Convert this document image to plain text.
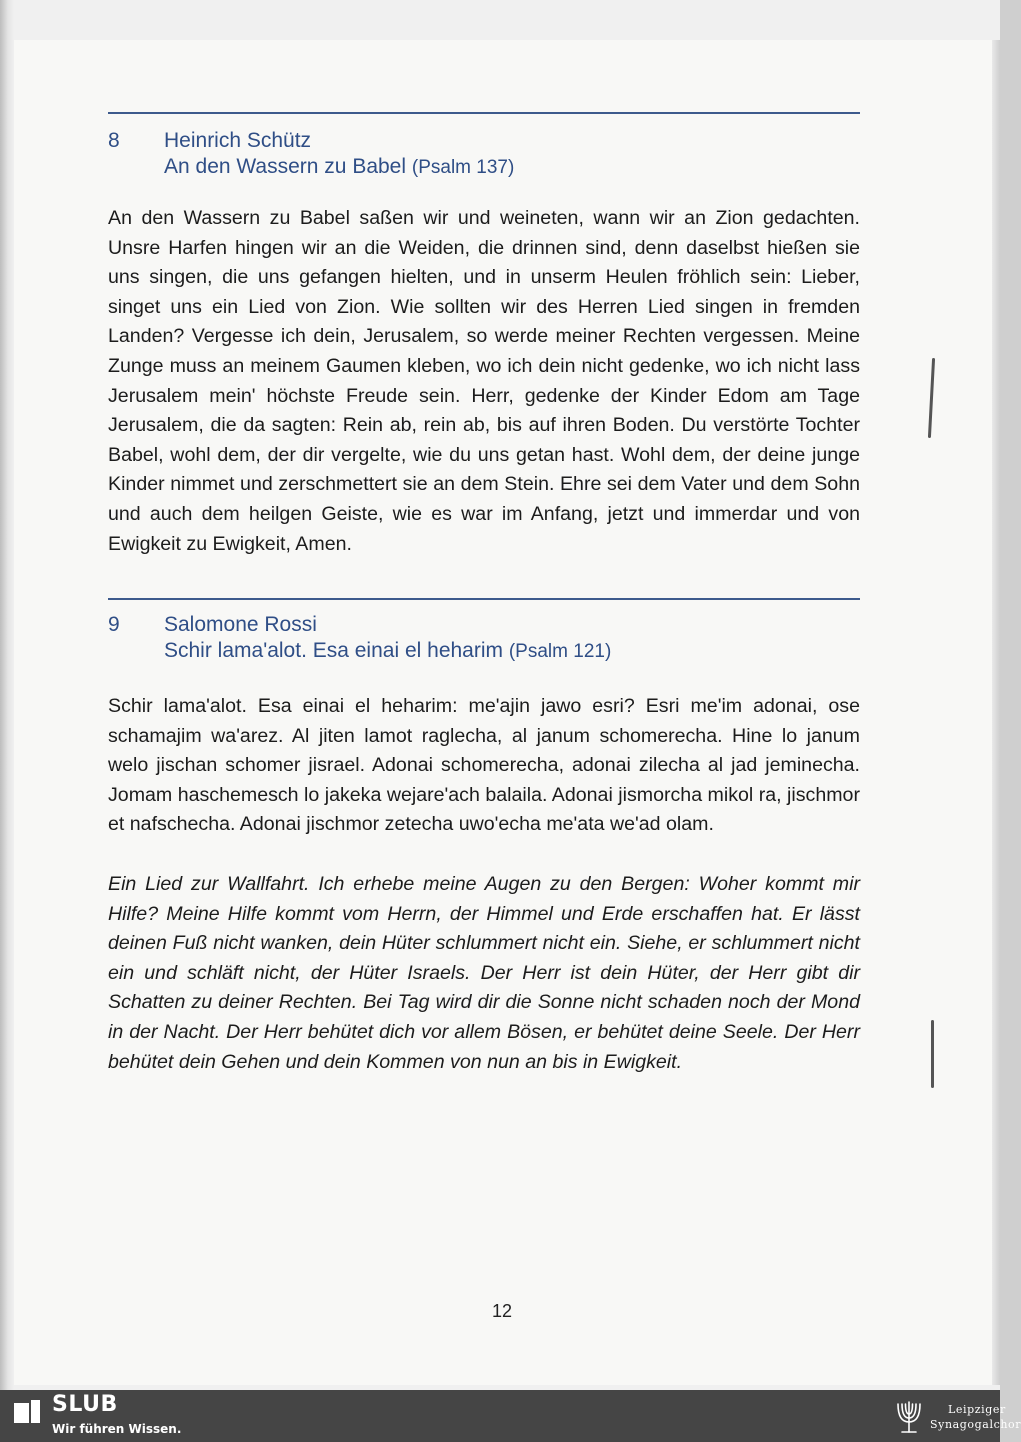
8 Heinrich Schütz
An den Wassern zu Babel (Psalm 137)

An den Wassern zu Babel saßen wir und weineten, wann wir an Zion gedachten. Unsre Harfen hingen wir an die Weiden, die drinnen sind, denn daselbst hießen sie uns singen, die uns gefangen hielten, und in unserm Heulen fröhlich sein: Lieber, singet uns ein Lied von Zion. Wie sollten wir des Herren Lied singen in fremden Landen? Vergesse ich dein, Jerusalem, so werde meiner Rechten vergessen. Meine Zunge muss an meinem Gaumen kleben, wo ich dein nicht gedenke, wo ich nicht lass Jerusalem mein' höchste Freude sein. Herr, gedenke der Kinder Edom am Tage Jerusalem, die da sagten: Rein ab, rein ab, bis auf ihren Boden. Du verstörte Tochter Babel, wohl dem, der dir vergelte, wie du uns getan hast. Wohl dem, der deine junge Kinder nimmet und zerschmettert sie an dem Stein. Ehre sei dem Vater und dem Sohn und auch dem heilgen Geiste, wie es war im Anfang, jetzt und immerdar und von Ewigkeit zu Ewigkeit, Amen.

9 Salomone Rossi
Schir lama'alot. Esa einai el heharim (Psalm 121)

Schir lama'alot. Esa einai el heharim: me'ajin jawo esri? Esri me'im adonai, ose schamajim wa'arez. Al jiten lamot raglecha, al janum schomerecha. Hine lo janum welo jischan schomer jisrael. Adonai schomerecha, adonai zilecha al jad jeminecha. Jomam haschemesch lo jakeka wejare'ach balaila. Adonai jismorcha mikol ra, jischmor et nafschecha. Adonai jischmor zetecha uwo'echa me'ata we'ad olam.

Ein Lied zur Wallfahrt. Ich erhebe meine Augen zu den Bergen: Woher kommt mir Hilfe? Meine Hilfe kommt vom Herrn, der Himmel und Erde erschaffen hat. Er lässt deinen Fuß nicht wanken, dein Hüter schlummert nicht ein. Siehe, er schlummert nicht ein und schläft nicht, der Hüter Israels. Der Herr ist dein Hüter, der Herr gibt dir Schatten zu deiner Rechten. Bei Tag wird dir die Sonne nicht schaden noch der Mond in der Nacht. Der Herr behütet dich vor allem Bösen, er behütet deine Seele. Der Herr behütet dein Gehen und dein Kommen von nun an bis in Ewigkeit.

12
SLUB
Wir führen Wissen.
Leipziger
Synagogalchor
